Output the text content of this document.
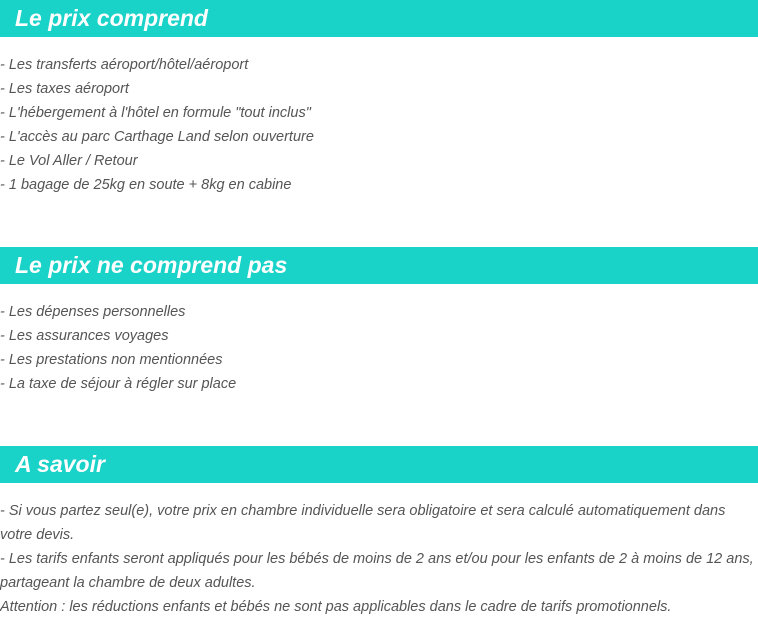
Le prix comprend
- Les transferts aéroport/hôtel/aéroport
- Les taxes aéroport
- L'hébergement à l'hôtel en formule "tout inclus"
- L'accès au parc Carthage Land selon ouverture
- Le Vol Aller / Retour
- 1 bagage de 25kg en soute + 8kg en cabine
Le prix ne comprend pas
- Les dépenses personnelles
- Les assurances voyages
- Les prestations non mentionnées
- La taxe de séjour à régler sur place
A savoir

- Si vous partez seul(e), votre prix en chambre individuelle sera obligatoire et sera calculé automatiquement dans votre devis.

- Les tarifs enfants seront appliqués pour les bébés de moins de 2 ans et/ou pour les enfants de 2 à moins de 12 ans, partageant la chambre de deux adultes.

Attention : les réductions enfants et bébés ne sont pas applicables dans le cadre de tarifs promotionnels.
